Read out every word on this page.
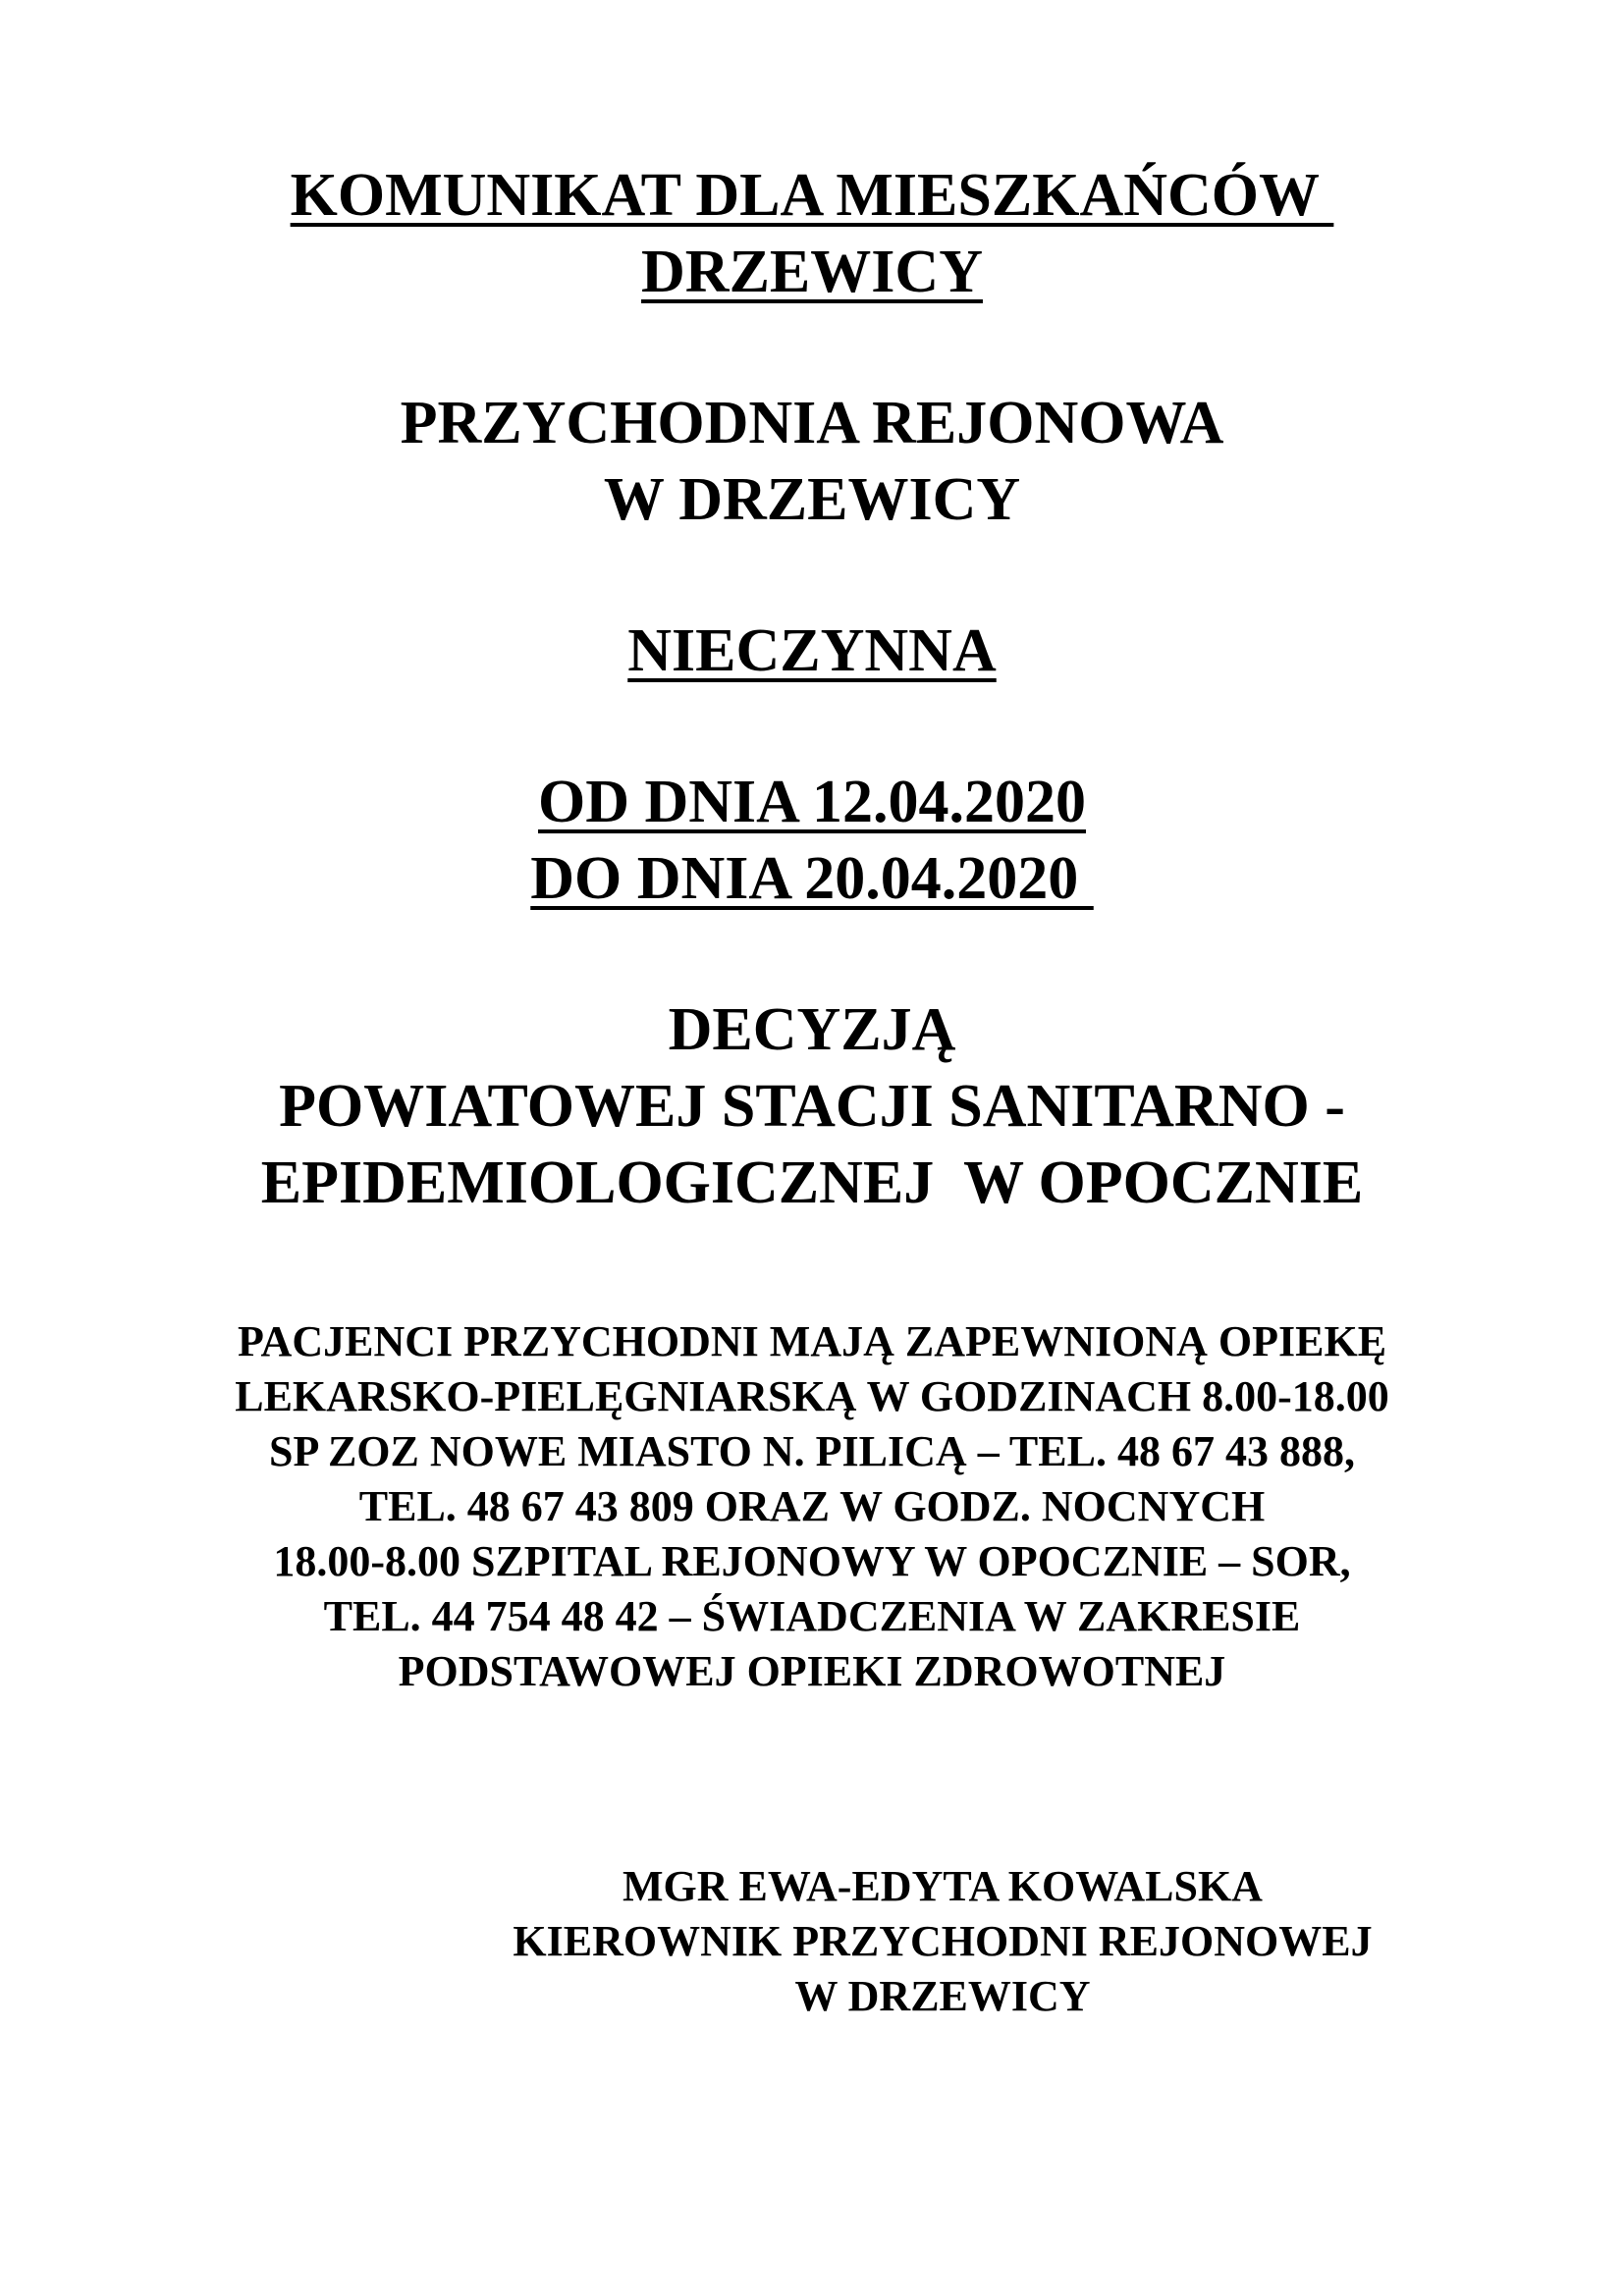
KOMUNIKAT DLA MIESZKAŃCÓW
DRZEWICY
PRZYCHODNIA REJONOWA
W DRZEWICY
NIECZYNNA
OD DNIA 12.04.2020
DO DNIA 20.04.2020
DECYZJĄ
POWIATOWEJ STACJI SANITARNO -
EPIDEMIOLOGICZNEJ  W OPOCZNIE
PACJENCI PRZYCHODNI MAJĄ ZAPEWNIONĄ OPIEKĘ
LEKARSKO-PIELĘGNIARSKĄ W GODZINACH 8.00-18.00
SP ZOZ NOWE MIASTO N. PILICĄ – TEL. 48 67 43 888,
TEL. 48 67 43 809 ORAZ W GODZ. NOCNYCH
18.00-8.00 SZPITAL REJONOWY W OPOCZNIE – SOR,
TEL. 44 754 48 42 – ŚWIADCZENIA W ZAKRESIE
PODSTAWOWEJ OPIEKI ZDROWOTNEJ
MGR EWA-EDYTA KOWALSKA
KIEROWNIK PRZYCHODNI REJONOWEJ
W DRZEWICY
